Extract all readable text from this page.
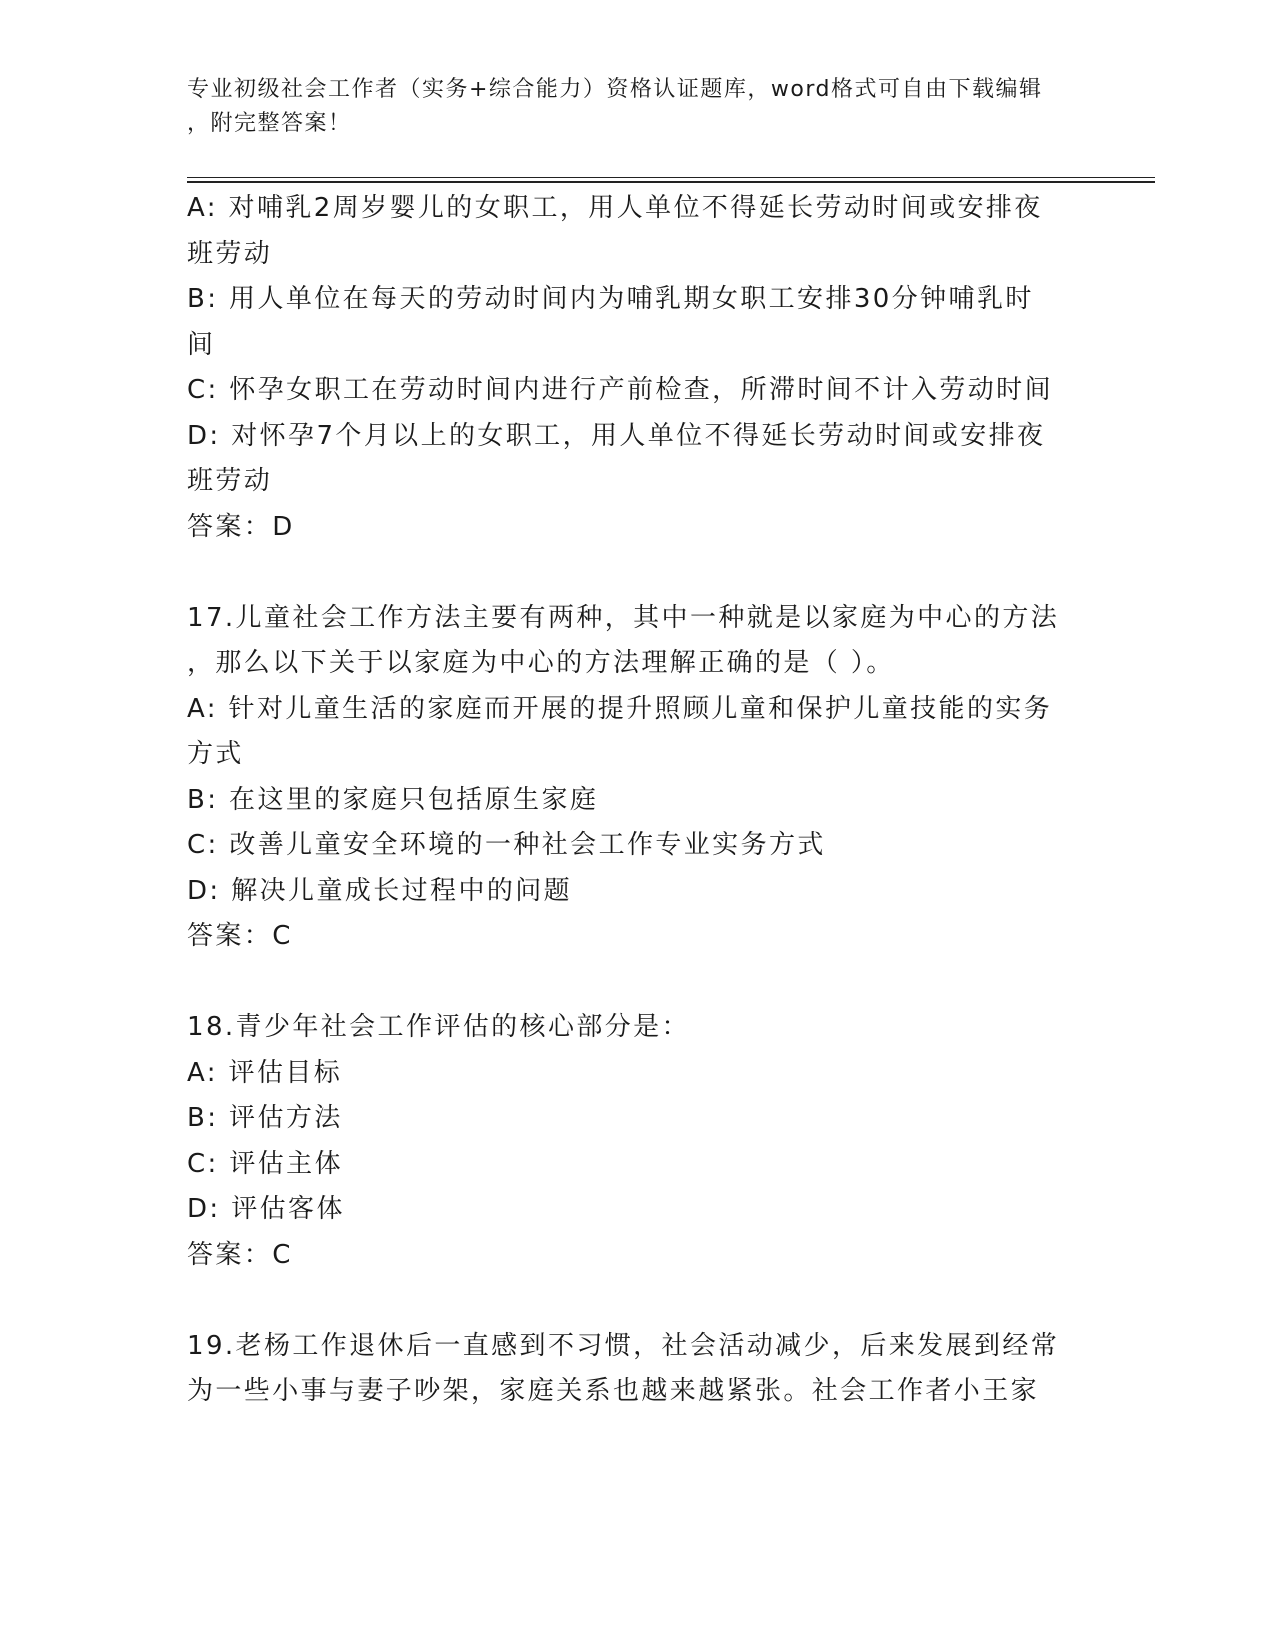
专业初级社会工作者（实务+综合能力）资格认证题库，word格式可自由下载编辑
，附完整答案！
A: 对哺乳2周岁婴儿的女职工，用人单位不得延长劳动时间或安排夜
班劳动
B: 用人单位在每天的劳动时间内为哺乳期女职工安排30分钟哺乳时
间
C: 怀孕女职工在劳动时间内进行产前检查，所滞时间不计入劳动时间
D: 对怀孕7个月以上的女职工，用人单位不得延长劳动时间或安排夜
班劳动
答案：D
17.儿童社会工作方法主要有两种，其中一种就是以家庭为中心的方法
，那么以下关于以家庭为中心的方法理解正确的是（ ）。
A: 针对儿童生活的家庭而开展的提升照顾儿童和保护儿童技能的实务
方式
B: 在这里的家庭只包括原生家庭
C: 改善儿童安全环境的一种社会工作专业实务方式
D: 解决儿童成长过程中的问题
答案：C
18.青少年社会工作评估的核心部分是：
A: 评估目标
B: 评估方法
C: 评估主体
D: 评估客体
答案：C
19.老杨工作退休后一直感到不习惯，社会活动减少，后来发展到经常
为一些小事与妻子吵架，家庭关系也越来越紧张。社会工作者小王家
